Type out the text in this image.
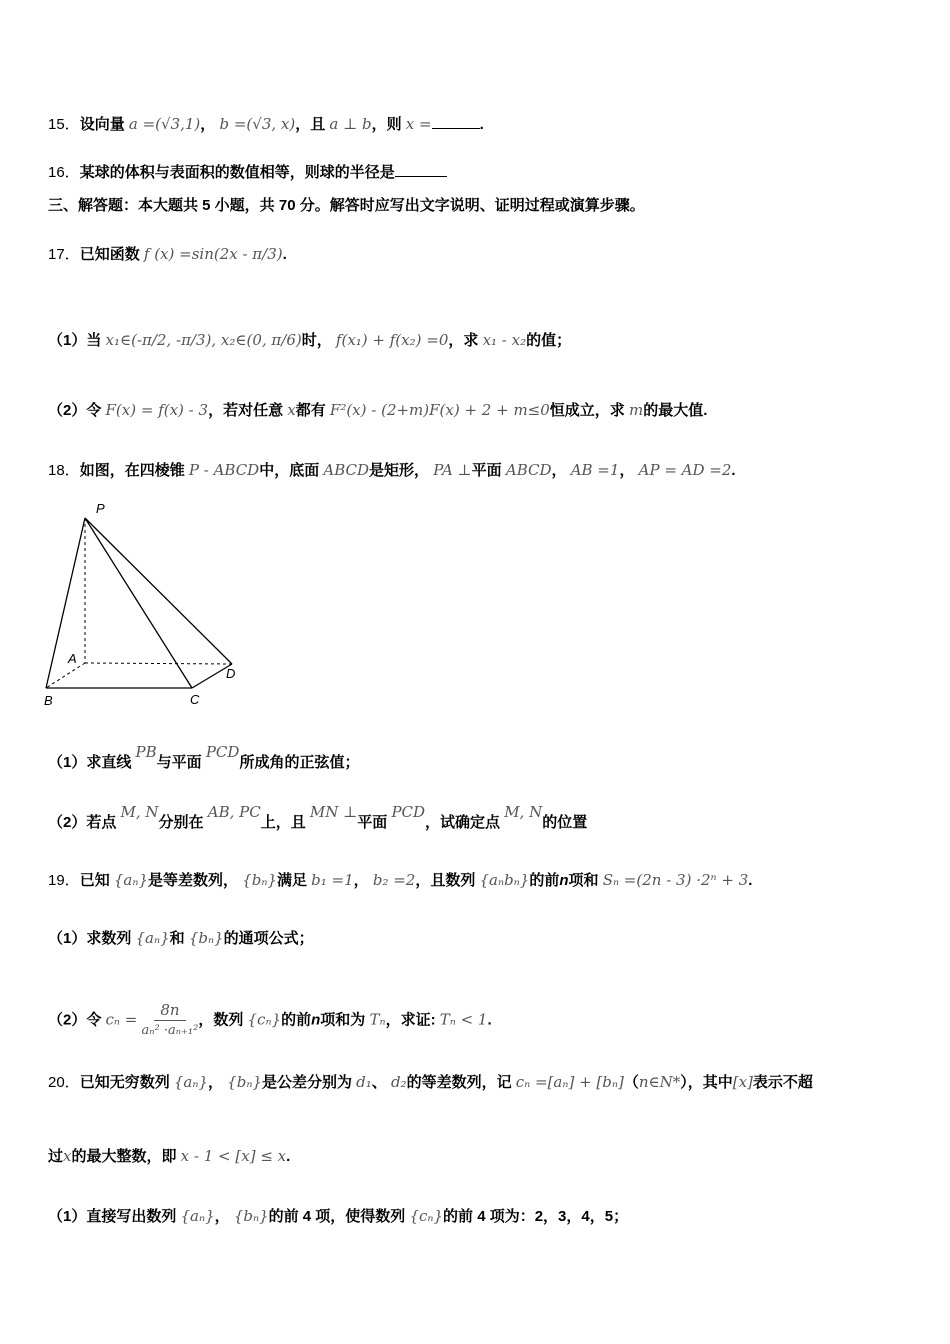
15．设向量 a =(√3,1)， b =(√3, x)，且 a ⊥ b，则 x =	.
16．某球的体积与表面积的数值相等，则球的半径是
三、解答题：本大题共 5 小题，共 70 分。解答时应写出文字说明、证明过程或演算步骤。
17．已知函数 f (x) =sin(2x - π/3).
（1）当 x₁∈(-π/2, -π/3), x₂∈(0, π/6)时， f(x₁) + f(x₂) =0，求 x₁ - x₂的值；
（2）令 F(x) = f(x) - 3，若对任意 x都有 F²(x) - (2+m)F(x) + 2 + m≤0恒成立，求 m的最大值.
18．如图，在四棱锥 P - ABCD中，底面 ABCD是矩形， PA ⊥平面 ABCD， AB =1， AP = AD =2.
P
A
B	C
D
（1）求直线 PB与平面 PCD所成角的正弦值；
（2）若点 M, N分别在 AB, PC上，且 MN ⊥平面 PCD，试确定点 M, N的位置
19．已知 {aₙ}是等差数列， {bₙ}满足 b₁ =1， b₂ =2，且数列 {aₙbₙ}的前n项和 Sₙ =(2n - 3) ·2ⁿ + 3.
（1）求数列 {aₙ}和 {bₙ}的通项公式；
（2）令 $c_n = \frac{8n}{\text{aₙ² ·aₙ₊₁²}}$ ，数列 {cₙ}的前n项和为 Tₙ，求证: Tₙ < 1.
20．已知无穷数列 {aₙ}， {bₙ}是公差分别为 d₁、 d₂的等差数列，记 cₙ =[aₙ] + [bₙ]（n∈N*），其中[x]表示不超
过x的最大整数，即 x - 1 < [x] ≤ x.
（1）直接写出数列 {aₙ}， {bₙ}的前 4 项，使得数列 {cₙ}的前 4 项为：2，3，4，5；
